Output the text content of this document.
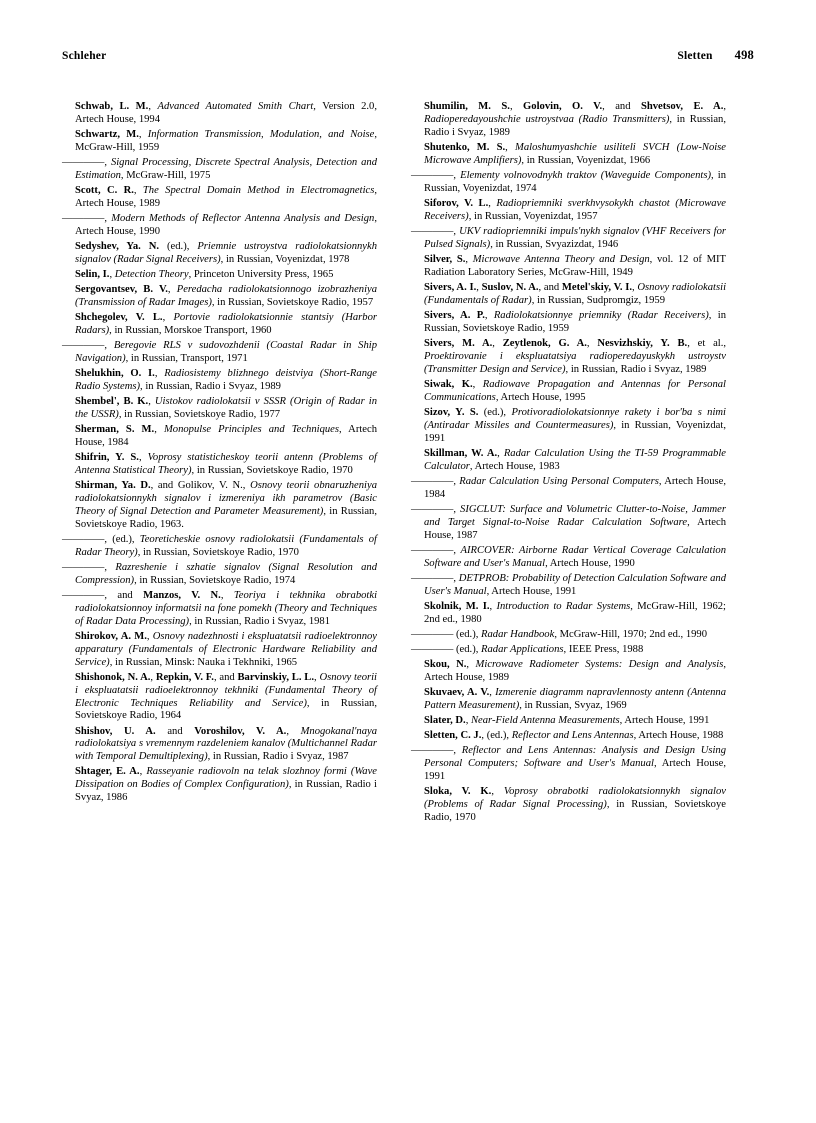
Schleher	Sletten 498
Schwab, L. M., Advanced Automated Smith Chart, Version 2.0, Artech House, 1994
Schwartz, M., Information Transmission, Modulation, and Noise, McGraw-Hill, 1959
————, Signal Processing, Discrete Spectral Analysis, Detection and Estimation, McGraw-Hill, 1975
Scott, C. R., The Spectral Domain Method in Electromagnetics, Artech House, 1989
————, Modern Methods of Reflector Antenna Analysis and Design, Artech House, 1990
Sedyshev, Ya. N. (ed.), Priemnie ustroystva radiolokatsionnykh signalov (Radar Signal Receivers), in Russian, Voyenizdat, 1978
Selin, I., Detection Theory, Princeton University Press, 1965
Sergovantsev, B. V., Peredacha radiolokatsionnogo izobrazheniya (Transmission of Radar Images), in Russian, Sovietskoye Radio, 1957
Shchegolev, V. L., Portovie radiolokatsionnie stantsiy (Harbor Radars), in Russian, Morskoe Transport, 1960
————, Beregovie RLS v sudovozhdenii (Coastal Radar in Ship Navigation), in Russian, Transport, 1971
Shelukhin, O. I., Radiosistemy blizhnego deistviya (Short-Range Radio Systems), in Russian, Radio i Svyaz, 1989
Shembel', B. K., Uistokov radiolokatsii v SSSR (Origin of Radar in the USSR), in Russian, Sovietskoye Radio, 1977
Sherman, S. M., Monopulse Principles and Techniques, Artech House, 1984
Shifrin, Y. S., Voprosy statisticheskoy teorii antenn (Problems of Antenna Statistical Theory), in Russian, Sovietskoye Radio, 1970
Shirman, Ya. D., and Golikov, V. N., Osnovy teorii obnaruzheniya radiolokatsionnykh signalov i izmereniya ikh parametrov (Basic Theory of Signal Detection and Parameter Measurement), in Russian, Sovietskoye Radio, 1963.
————, (ed.), Teoreticheskie osnovy radiolokatsii (Fundamentals of Radar Theory), in Russian, Sovietskoye Radio, 1970
————, Razreshenie i szhatie signalov (Signal Resolution and Compression), in Russian, Sovietskoye Radio, 1974
————, and Manzos, V. N., Teoriya i tekhnika obrabotki radiolokatsionnoy informatsii na fone pomekh (Theory and Techniques of Radar Data Processing), in Russian, Radio i Svyaz, 1981
Shirokov, A. M., Osnovy nadezhnosti i ekspluatatsii radioelektronnoy apparatury (Fundamentals of Electronic Hardware Reliability and Service), in Russian, Minsk: Nauka i Tekhniki, 1965
Shishonok, N. A., Repkin, V. F., and Barvinskiy, L. L., Osnovy teorii i ekspluatatsii radioelektronnoy tekhniki (Fundamental Theory of Electronic Techniques Reliability and Service), in Russian, Sovietskoye Radio, 1964
Shishov, U. A. and Voroshilov, V. A., Mnogokanal'naya radiolokatsiya s vremennym razdeleniem kanalov (Multichannel Radar with Temporal Demultiplexing), in Russian, Radio i Svyaz, 1987
Shtager, E. A., Rasseyanie radiovoln na telak slozhnoy formi (Wave Dissipation on Bodies of Complex Configuration), in Russian, Radio i Svyaz, 1986
Shumilin, M. S., Golovin, O. V., and Shvetsov, E. A., Radioperedayoushchie ustroystvaa (Radio Transmitters), in Russian, Radio i Svyaz, 1989
Shutenko, M. S., Maloshumyashchie usiliteli SVCH (Low-Noise Microwave Amplifiers), in Russian, Voyenizdat, 1966
————, Elementy volnovodnykh traktov (Waveguide Components), in Russian, Voyenizdat, 1974
Siforov, V. L., Radiopriemniki sverkhvysokykh chastot (Microwave Receivers), in Russian, Voyenizdat, 1957
————, UKV radiopriemniki impuls'nykh signalov (VHF Receivers for Pulsed Signals), in Russian, Svyazizdat, 1946
Silver, S., Microwave Antenna Theory and Design, vol. 12 of MIT Radiation Laboratory Series, McGraw-Hill, 1949
Sivers, A. I., Suslov, N. A., and Metel'skiy, V. I., Osnovy radiolokatsii (Fundamentals of Radar), in Russian, Sudpromgiz, 1959
Sivers, A. P., Radiolokatsionnye priemniky (Radar Receivers), in Russian, Sovietskoye Radio, 1959
Sivers, M. A., Zeytlenok, G. A., Nesvizhskiy, Y. B., et al., Proektirovanie i ekspluatatsiya radioperedayuskykh ustroystv (Transmitter Design and Service), in Russian, Radio i Svyaz, 1989
Siwak, K., Radiowave Propagation and Antennas for Personal Communications, Artech House, 1995
Sizov, Y. S. (ed.), Protivoradiolokatsionnye rakety i bor'ba s nimi (Antiradar Missiles and Countermeasures), in Russian, Voyenizdat, 1991
Skillman, W. A., Radar Calculation Using the TI-59 Programmable Calculator, Artech House, 1983
————, Radar Calculation Using Personal Computers, Artech House, 1984
————, SIGCLUT: Surface and Volumetric Clutter-to-Noise, Jammer and Target Signal-to-Noise Radar Calculation Software, Artech House, 1987
————, AIRCOVER: Airborne Radar Vertical Coverage Calculation Software and User's Manual, Artech House, 1990
————, DETPROB: Probability of Detection Calculation Software and User's Manual, Artech House, 1991
Skolnik, M. I., Introduction to Radar Systems, McGraw-Hill, 1962; 2nd ed., 1980
———— (ed.), Radar Handbook, McGraw-Hill, 1970; 2nd ed., 1990
———— (ed.), Radar Applications, IEEE Press, 1988
Skou, N., Microwave Radiometer Systems: Design and Analysis, Artech House, 1989
Skuvaev, A. V., Izmerenie diagramm napravlennosty antenn (Antenna Pattern Measurement), in Russian, Svyaz, 1969
Slater, D., Near-Field Antenna Measurements, Artech House, 1991
Sletten, C. J., (ed.), Reflector and Lens Antennas, Artech House, 1988
————, Reflector and Lens Antennas: Analysis and Design Using Personal Computers; Software and User's Manual, Artech House, 1991
Sloka, V. K., Voprosy obrabotki radiolokatsionnykh signalov (Problems of Radar Signal Processing), in Russian, Sovietskoye Radio, 1970
